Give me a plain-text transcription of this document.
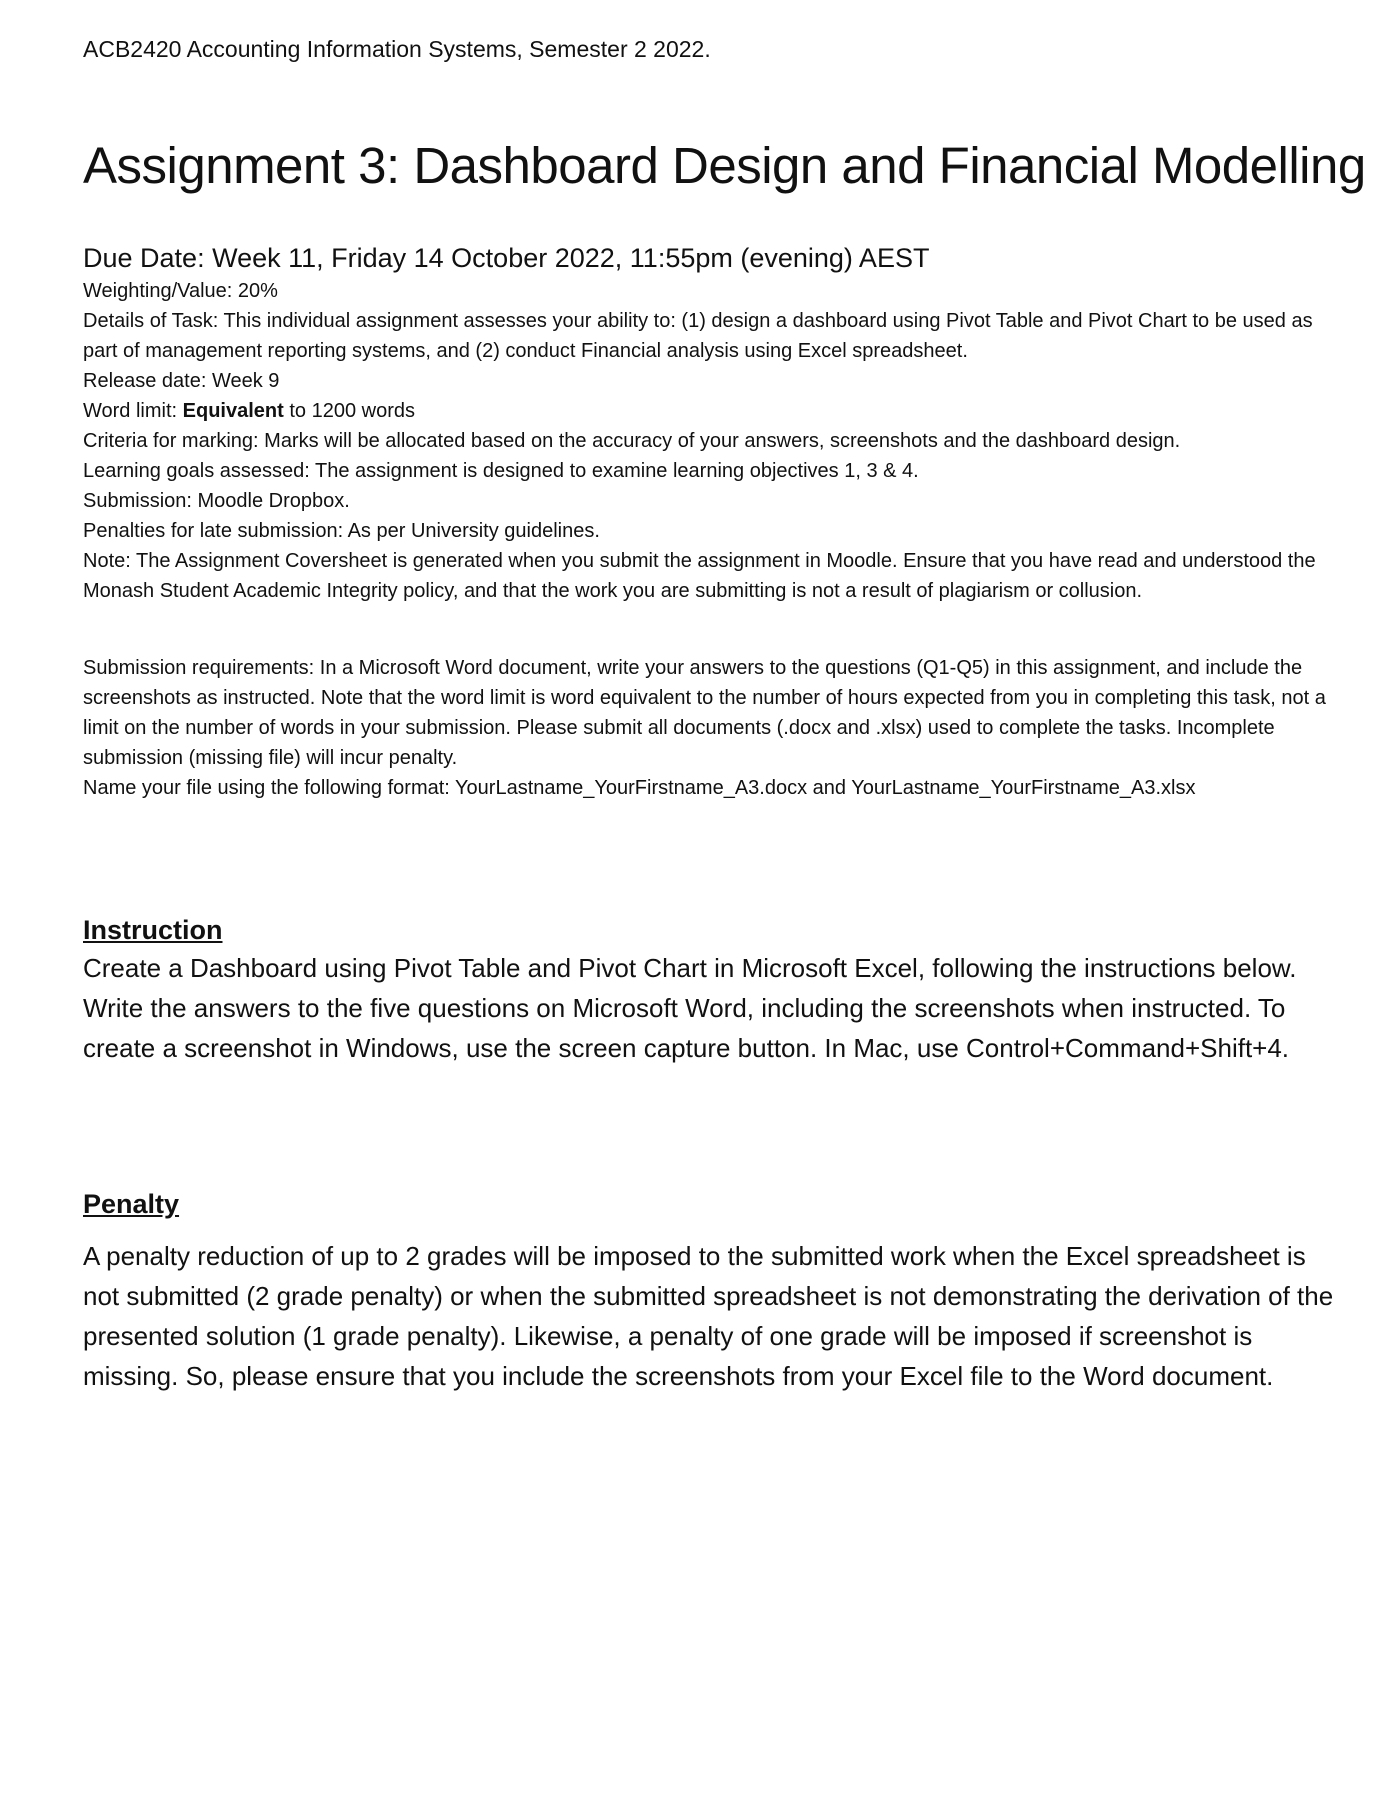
ACB2420 Accounting Information Systems, Semester 2 2022.
Assignment 3: Dashboard Design and Financial Modelling
Due Date: Week 11, Friday 14 October 2022, 11:55pm (evening) AEST
Weighting/Value: 20%
Details of Task: This individual assignment assesses your ability to: (1) design a dashboard using Pivot Table and Pivot Chart to be used as part of management reporting systems, and (2) conduct Financial analysis using Excel spreadsheet.
Release date: Week 9
Word limit: Equivalent to 1200 words
Criteria for marking: Marks will be allocated based on the accuracy of your answers, screenshots and the dashboard design.
Learning goals assessed: The assignment is designed to examine learning objectives 1, 3 & 4.
Submission: Moodle Dropbox.
Penalties for late submission: As per University guidelines.
Note: The Assignment Coversheet is generated when you submit the assignment in Moodle. Ensure that you have read and understood the Monash Student Academic Integrity policy, and that the work you are submitting is not a result of plagiarism or collusion.
Submission requirements: In a Microsoft Word document, write your answers to the questions (Q1-Q5) in this assignment, and include the screenshots as instructed. Note that the word limit is word equivalent to the number of hours expected from you in completing this task, not a limit on the number of words in your submission. Please submit all documents (.docx and .xlsx) used to complete the tasks. Incomplete submission (missing file) will incur penalty.
Name your file using the following format: YourLastname_YourFirstname_A3.docx and YourLastname_YourFirstname_A3.xlsx
Instruction

Create a Dashboard using Pivot Table and Pivot Chart in Microsoft Excel, following the instructions below. Write the answers to the five questions on Microsoft Word, including the screenshots when instructed. To create a screenshot in Windows, use the screen capture button. In Mac, use Control+Command+Shift+4.

Penalty

A penalty reduction of up to 2 grades will be imposed to the submitted work when the Excel spreadsheet is not submitted (2 grade penalty) or when the submitted spreadsheet is not demonstrating the derivation of the presented solution (1 grade penalty). Likewise, a penalty of one grade will be imposed if screenshot is missing. So, please ensure that you include the screenshots from your Excel file to the Word document.
